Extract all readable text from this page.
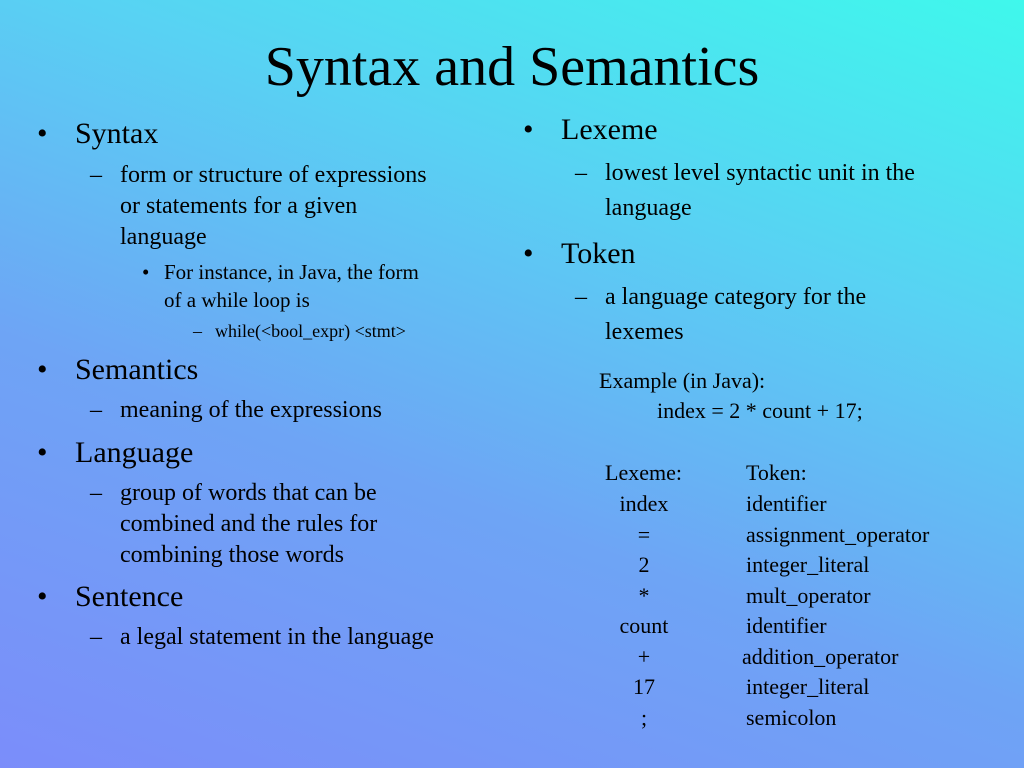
Syntax and Semantics
• Syntax
– form or structure of expressions
or statements for a given
language
• For instance, in Java, the form
of a while loop is
– while(<bool_expr) <stmt>
• Semantics
– meaning of the expressions
• Language
– group of words that can be
combined and the rules for
combining those words
• Sentence
– a legal statement in the language
• Lexeme
– lowest level syntactic unit in the
language
• Token
– a language category for the
lexemes
Example (in Java):
index = 2 * count + 17;
Lexeme:	Token:
index	identifier
=	assignment_operator
2	integer_literal
*	mult_operator
count	identifier
+	addition_operator
17	integer_literal
;	semicolon
